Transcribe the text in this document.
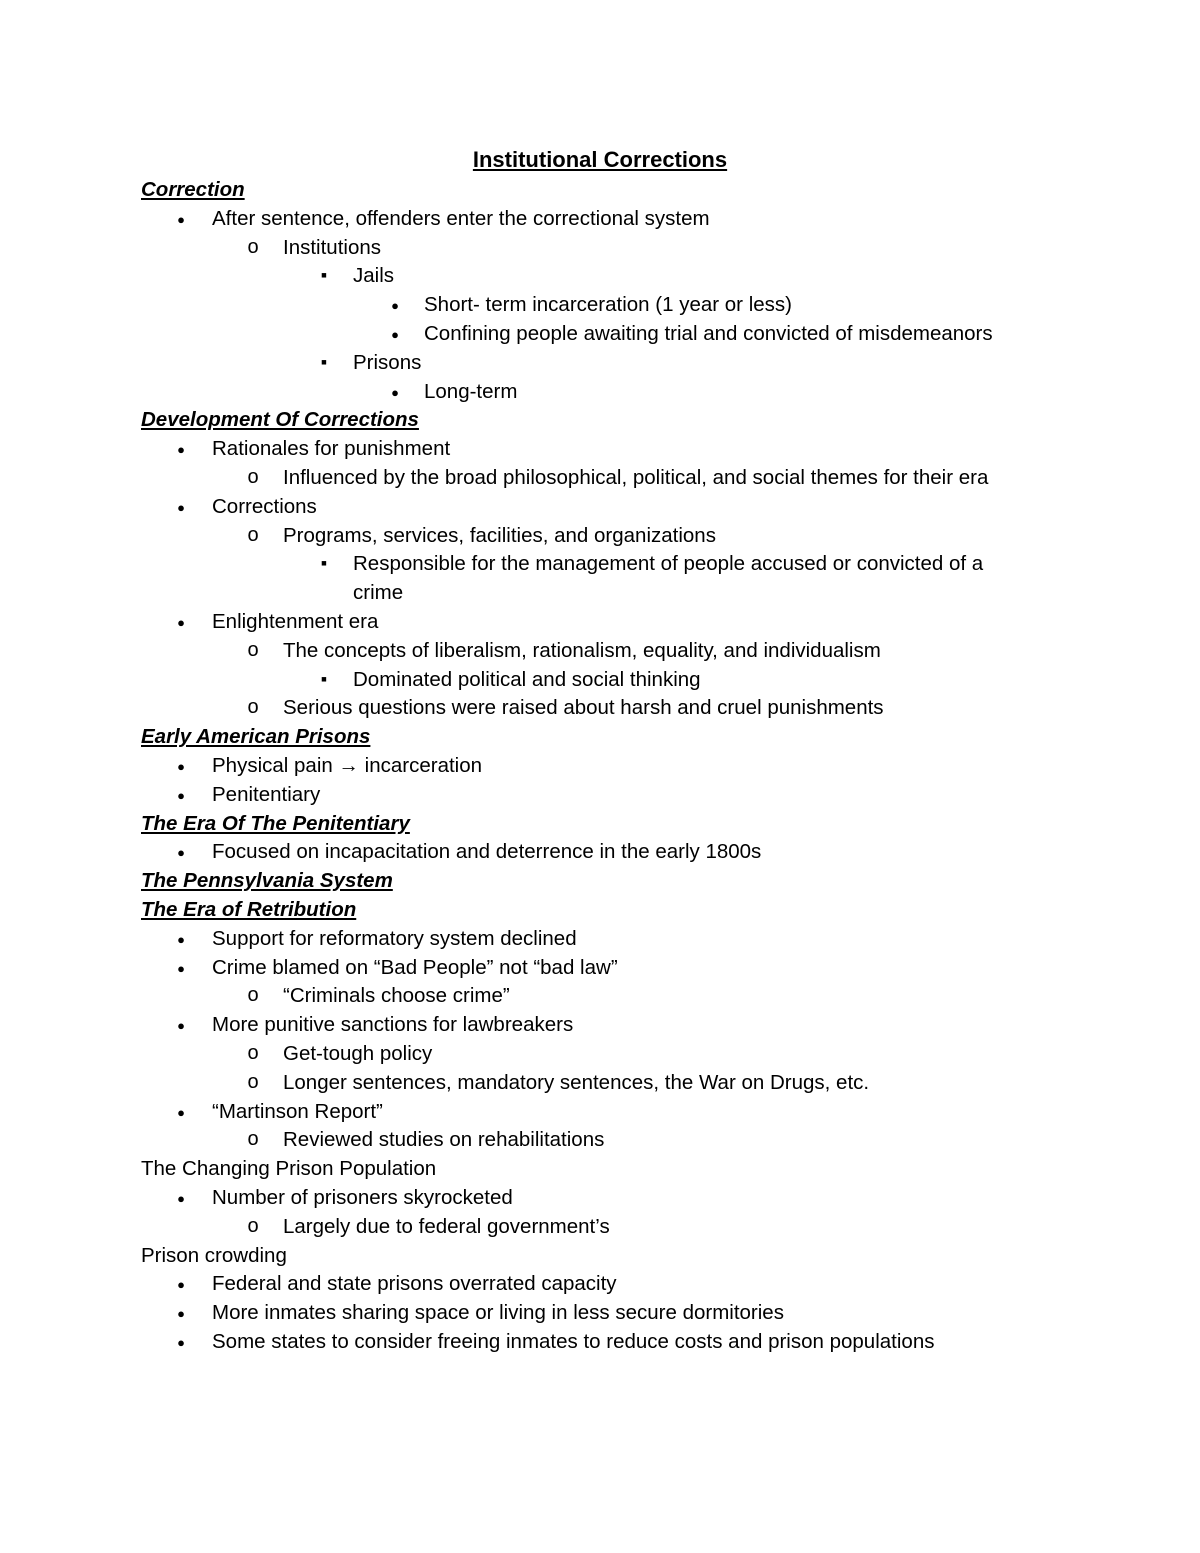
Institutional Corrections
Correction
●
After sentence, offenders enter the correctional system
o
Institutions
▪
Jails
●
Short- term incarceration (1 year or less)
●
Confining people awaiting trial and convicted of misdemeanors
▪
Prisons
●
Long-term
Development Of Corrections
●
Rationales for punishment
o
Influenced by the broad philosophical, political, and social themes for their era
●
Corrections
o
Programs, services, facilities, and organizations
▪
Responsible for the management of people accused or convicted of a
crime
●
Enlightenment era
o
The concepts of liberalism, rationalism, equality, and individualism
▪
Dominated political and social thinking
o
Serious questions were raised about harsh and cruel punishments
Early American Prisons
●
Physical pain → incarceration
●
Penitentiary
The Era Of The Penitentiary
●
Focused on incapacitation and deterrence in the early 1800s
The Pennsylvania System
The Era of Retribution
●
Support for reformatory system declined
●
Crime blamed on “Bad People” not “bad law”
o
“Criminals choose crime”
●
More punitive sanctions for lawbreakers
o
Get-tough policy
o
Longer sentences, mandatory sentences, the War on Drugs, etc.
●
“Martinson Report”
o
Reviewed studies on rehabilitations
The Changing Prison Population
●
Number of prisoners skyrocketed
o
Largely due to federal government’s
Prison crowding
●
Federal and state prisons overrated capacity
●
More inmates sharing space or living in less secure dormitories
●
Some states to consider freeing inmates to reduce costs and prison populations
